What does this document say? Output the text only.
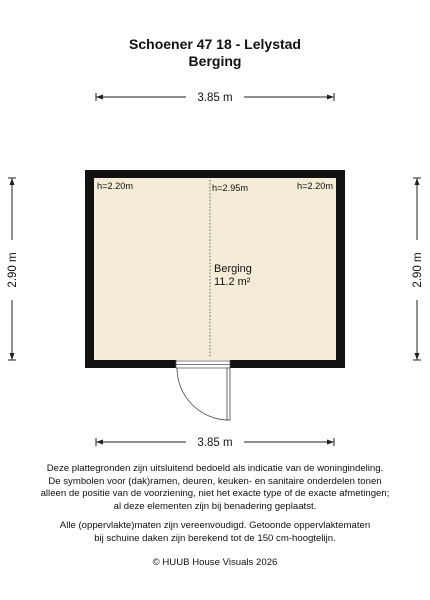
Schoener 47 18 - Lelystad
Berging
3.85 m
3.85 m
2.90 m	2.90 m
h=2.20m	h=2.95m	h=2.20m
Berging
11.2 m²

Deze plattegronden zijn uitsluitend bedoeld als indicatie van de woningindeling.

De symbolen voor (dak)ramen, deuren, keuken- en sanitaire onderdelen tonen

alleen de positie van de voorziening, niet het exacte type of de exacte afmetingen;

al deze elementen zijn bij benadering geplaatst.

Alle (oppervlakte)maten zijn vereenvoudigd. Getoonde oppervlaktematen

bij schuine daken zijn berekend tot de 150 cm-hoogtelijn.

© HUUB House Visuals 2026
